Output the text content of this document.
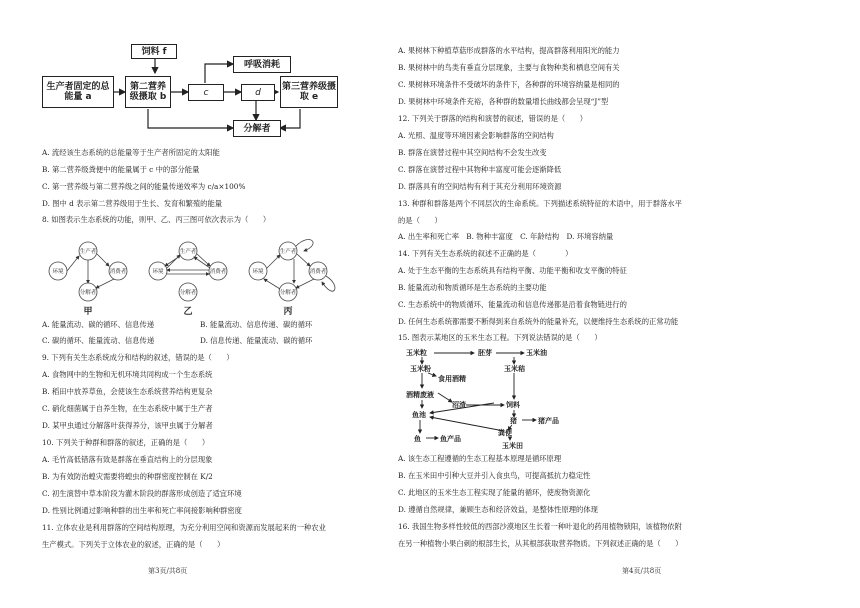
饲料 f
生产者固定的总能量 a
第二营养级摄取 b	c
呼吸消耗
d
第三营养级摄取 e
分解者
A. 流经该生态系统的总能量等于生产者所固定的太阳能
B. 第二营养级粪便中的能量属于 c 中的部分能量
C. 第一营养级与第二营养级之间的能量传递效率为 c/a×100%
D. 图中 d 表示第二营养级用于生长、发育和繁殖的能量
8. 如图表示生态系统的功能，则甲、乙、丙三图可依次表示为（　　）
生产者
环境	消费者
分解者
生产者
环境	消费者
分解者
生产者
环境	消费者
分解者
甲	乙	丙
A. 能量流动、碳的循环、信息传递	B. 能量流动、信息传递、碳的循环
C. 碳的循环、能量流动、信息传递	D. 信息传递、能量流动、碳的循环
9. 下列有关生态系统成分和结构的叙述，错误的是（　　）
A. 食物网中的生物和无机环境共同构成一个生态系统
B. 稻田中放养草鱼，会使该生态系统营养结构更复杂
C. 硝化细菌属于自养生物，在生态系统中属于生产者
D. 某甲虫通过分解落叶获得养分，该甲虫属于分解者
10. 下列关于种群和群落的叙述，正确的是（　　）
A. 毛竹高低错落有致是群落在垂直结构上的分层现象
B. 为有效防治蝗灾需要将蝗虫的种群密度控制在 K/2
C. 初生演替中草本阶段为灌木阶段的群落形成创造了适宜环境
D. 性别比例通过影响种群的出生率和死亡率间接影响种群密度
11. 立体农业是利用群落的空间结构原理，为充分利用空间和资源而发展起来的一种农业
生产模式。下列关于立体农业的叙述，正确的是（　　）
第3页/共8页
A. 果树林下种植草菇形成群落的水平结构，提高群落利用阳光的能力
B. 果树林中的鸟类有垂直分层现象，主要与食物种类和栖息空间有关
C. 果树林环境条件不受破坏的条件下，各种群的环境容纳量是相同的
D. 果树林中环境条件充裕，各种群的数量增长曲线都会呈现“J”型
12. 下列关于群落的结构和演替的叙述，错误的是（　　）
A. 光照、温度等环境因素会影响群落的空间结构
B. 群落在演替过程中其空间结构不会发生改变
C. 群落在演替过程中其物种丰富度可能会逐渐降低
D. 群落具有的空间结构有利于其充分利用环境资源
13. 种群和群落是两个不同层次的生命系统。下列描述系统特征的术语中，用于群落水平
的是（　　）
A. 出生率和死亡率　B. 物种丰富度　C. 年龄结构　D. 环境容纳量
14. 下列有关生态系统的叙述不正确的是（　　　　）
A. 处于生态平衡的生态系统具有结构平衡、功能平衡和收支平衡的特征
B. 能量流动和物质循环是生态系统的主要功能
C. 生态系统中的物质循环、能量流动和信息传递都是沿着食物链进行的
D. 任何生态系统都需要不断得到来自系统外的能量补充，以便维持生态系统的正常功能
15. 图表示某地区的玉米生态工程。下列说法错误的是（　　）
玉米粒	胚芽	玉米油
玉米粉
食用酒精
玉米秸
酒精废液
沼渣	饲料
鱼池
猪	猪产品
粪便
鱼	鱼产品
玉米田
A. 该生态工程遵循的生态工程基本原理是循环原理
B. 在玉米田中引种大豆并引入食虫鸟，可提高抵抗力稳定性
C. 此地区的玉米生态工程实现了能量的循环，使废物资源化
D. 遵循自然规律，兼顾生态和经济效益，是整体性原理的体现
16. 我国生物多样性较低的西部沙漠地区生长着一种叶退化的药用植物锁阳，该植物依附
在另一种植物小果白刺的根部生长，从其根部获取营养物质。下列叙述正确的是（　　）
第4页/共8页
